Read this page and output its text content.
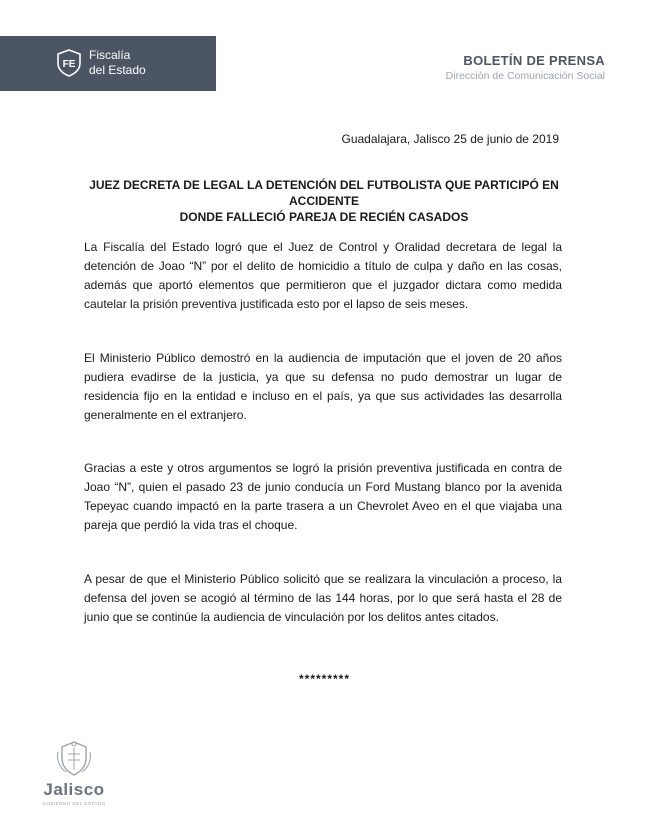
FE
Fiscalía
del Estado
BOLETÍN DE PRENSA
Dirección de Comunicación Social
Guadalajara, Jalisco 25 de junio de 2019
JUEZ DECRETA DE LEGAL LA DETENCIÓN DEL FUTBOLISTA QUE PARTICIPÓ EN ACCIDENTE
DONDE FALLECIÓ PAREJA DE RECIÉN CASADOS

La Fiscalía del Estado logró que el Juez de Control y Oralidad decretara de legal la detención de Joao “N” por el delito de homicidio a título de culpa y daño en las cosas, además que aportó elementos que permitieron que el juzgador dictara como medida cautelar la prisión preventiva justificada esto por el lapso de seis meses.

El Ministerio Público demostró en la audiencia de imputación que el joven de 20 años pudiera evadirse de la justicia, ya que su defensa no pudo demostrar un lugar de residencia fijo en la entidad e incluso en el país, ya que sus actividades las desarrolla generalmente en el extranjero.

Gracias a este y otros argumentos se logró la prisión preventiva justificada en contra de Joao “N”, quien el pasado 23 de junio conducía un Ford Mustang blanco por la avenida Tepeyac cuando impactó en la parte trasera a un Chevrolet Aveo en el que viajaba una pareja que perdió la vida tras el choque.

A pesar de que el Ministerio Público solicitó que se realizara la vinculación a proceso, la defensa del joven se acogió al término de las 144 horas, por lo que será hasta el 28 de junio que se continúe la audiencia de vinculación por los delitos antes citados.

*********
Jalisco
GOBIERNO DEL ESTADO
